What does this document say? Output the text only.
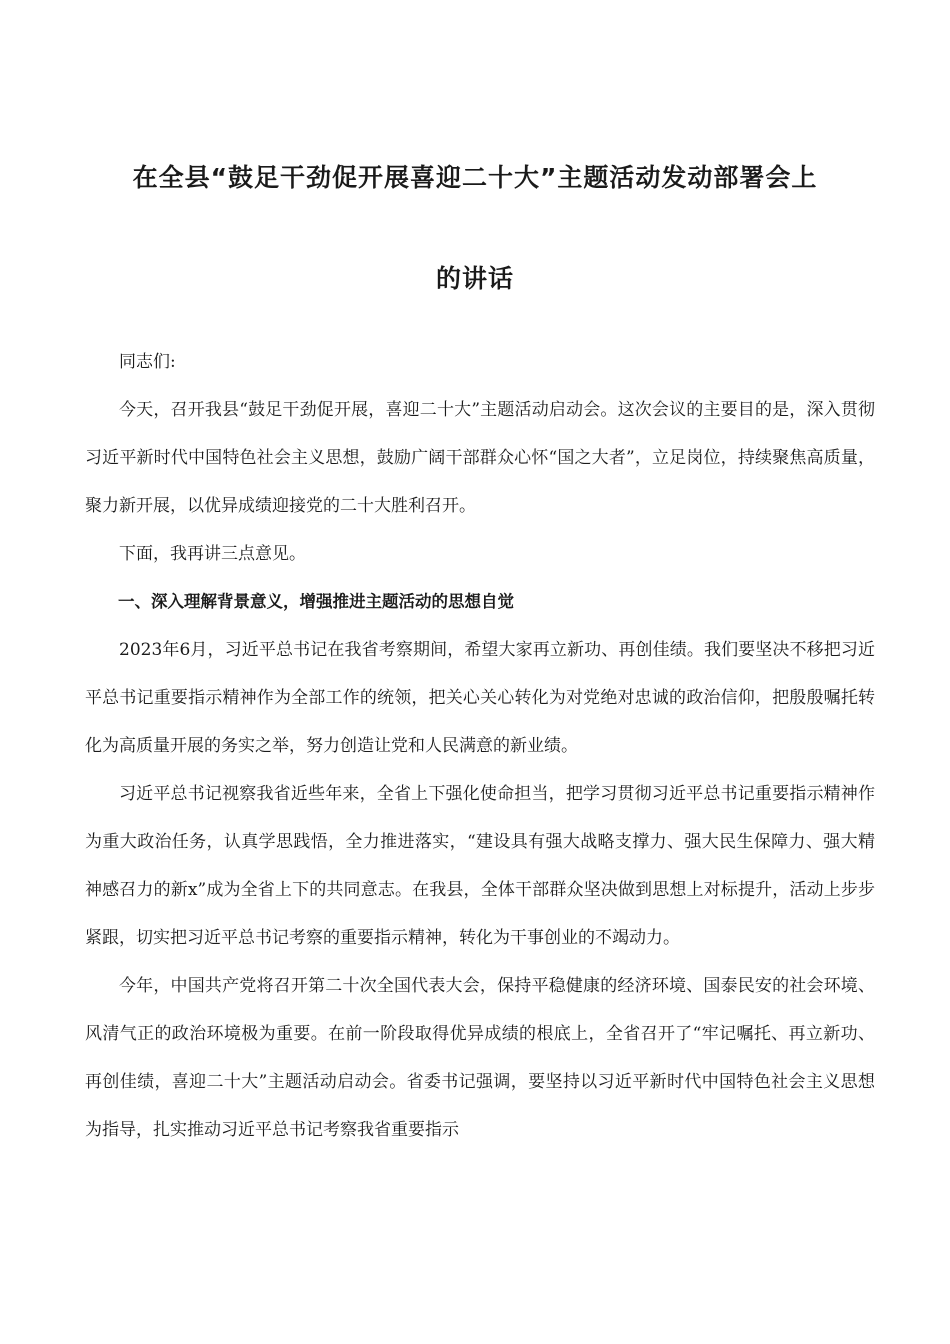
在全县“鼓足干劲促开展喜迎二十大”主题活动发动部署会上
的讲话

同志们:

今天，召开我县“鼓足干劲促开展，喜迎二十大”主题活动启动会。这次会议的主要目的是，深入贯彻习近平新时代中国特色社会主义思想，鼓励广阔干部群众心怀“国之大者”，立足岗位，持续聚焦高质量，聚力新开展，以优异成绩迎接党的二十大胜利召开。

下面，我再讲三点意见。

一、深入理解背景意义，增强推进主题活动的思想自觉

2023年6月，习近平总书记在我省考察期间，希望大家再立新功、再创佳绩。我们要坚决不移把习近平总书记重要指示精神作为全部工作的统领，把关心关心转化为对党绝对忠诚的政治信仰，把殷殷嘱托转化为高质量开展的务实之举，努力创造让党和人民满意的新业绩。

习近平总书记视察我省近些年来，全省上下强化使命担当，把学习贯彻习近平总书记重要指示精神作为重大政治任务，认真学思践悟，全力推进落实，“建设具有强大战略支撑力、强大民生保障力、强大精神感召力的新x”成为全省上下的共同意志。在我县，全体干部群众坚决做到思想上对标提升，活动上步步紧跟，切实把习近平总书记考察的重要指示精神，转化为干事创业的不竭动力。

今年，中国共产党将召开第二十次全国代表大会，保持平稳健康的经济环境、国泰民安的社会环境、风清气正的政治环境极为重要。在前一阶段取得优异成绩的根底上，全省召开了“牢记嘱托、再立新功、再创佳绩，喜迎二十大”主题活动启动会。省委书记强调，要坚持以习近平新时代中国特色社会主义思想为指导，扎实推动习近平总书记考察我省重要指示
